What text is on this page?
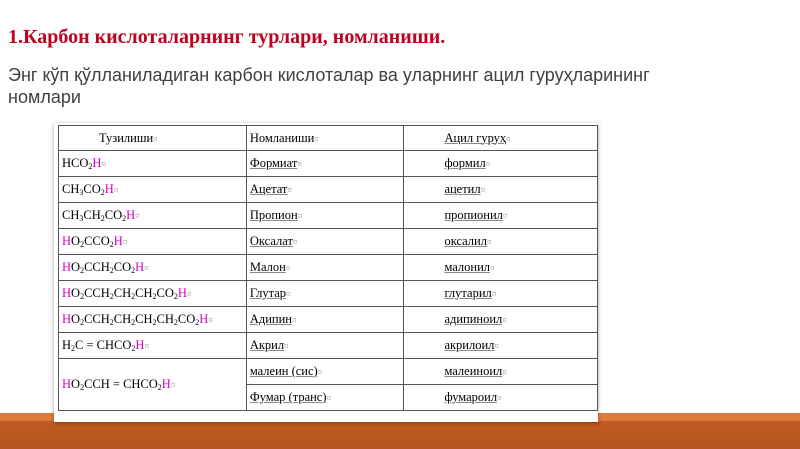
1.Карбон кислоталарнинг турлари, номланиши.
Энг кўп қўлланиладиган карбон кислоталар ва уларнинг ацил гуруҳларининг номлари
Тузилиши¤	Номланиши¤	Ацил гуруҳ¤
$HCO_2H¤$	Формиат¤	формил¤
$CH_3CO_2H¤$	Ацетат¤	ацетил¤
$CH_3CH_2CO_2H¤$	Пропион¤	пропионил¤
$HO_2CCO_2H¤$	Оксалат¤	оксалил¤
$HO_2CCH_2CO_2H¤$	Малон¤	малонил¤
$HO_2CCH_2CH_2CH_2CO_2H¤$	Глутар¤	глутарил¤
$HO_2CCH_2CH_2CH_2CH_2CO_2H¤$	Адипин¤	адипиноил¤
$H_2C$ = $CHCO_2H¤$	Акрил¤	акрилоил¤
$HO_2CCH$ = $CHCO_2H¤$	малеин (сис)¤	малеиноил¤
	Фумар (транс)¤	фумароил¤
